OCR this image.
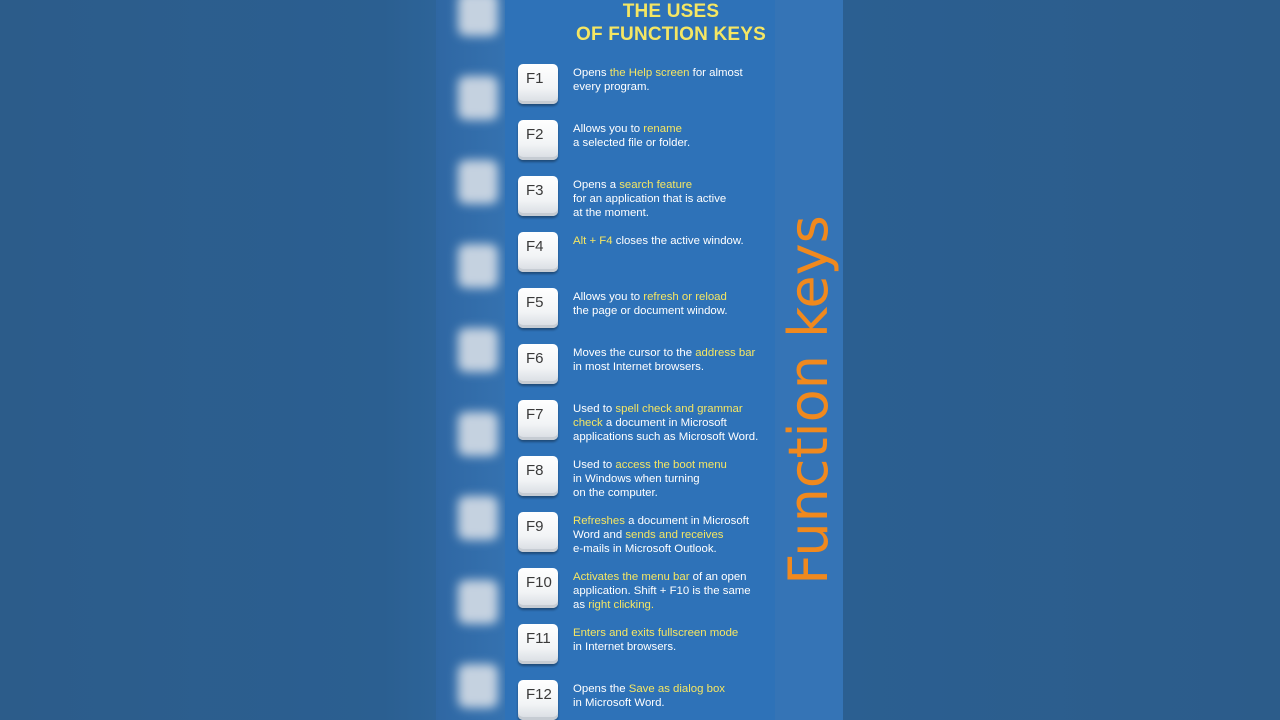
THE USES
OF FUNCTION KEYS
F1	Opens the Help screen for almost
every program.
F2	Allows you to rename
a selected file or folder.
F3	Opens a search feature
for an application that is active
at the moment.
F4	Alt + F4 closes the active window.
F5	Allows you to refresh or reload
the page or document window.
F6	Moves the cursor to the address bar
in most Internet browsers.
F7	Used to spell check and grammar
check a document in Microsoft
applications such as Microsoft Word.
F8	Used to access the boot menu
in Windows when turning
on the computer.
F9	Refreshes a document in Microsoft
Word and sends and receives
e-mails in Microsoft Outlook.
F10	Activates the menu bar of an open
application. Shift + F10 is the same
as right clicking.
F11	Enters and exits fullscreen mode
in Internet browsers.
F12	Opens the Save as dialog box
in Microsoft Word.
Function keys
